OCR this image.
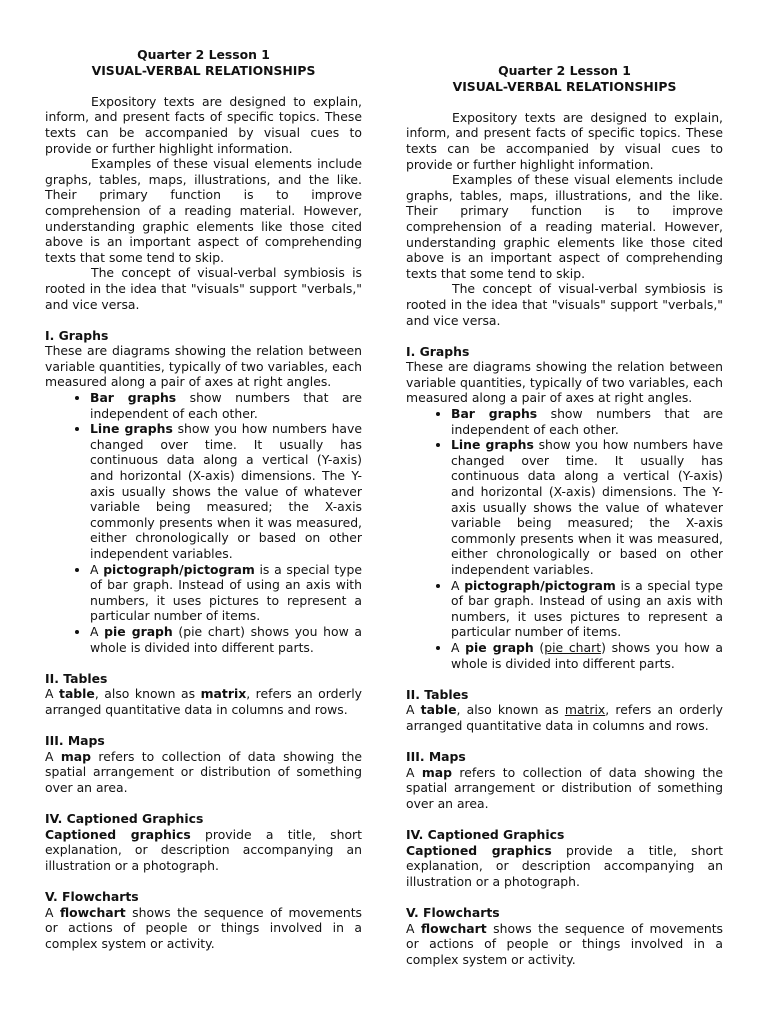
Quarter 2 Lesson 1
VISUAL-VERBAL RELATIONSHIPS

Expository texts are designed to explain, inform, and present facts of specific topics. These texts can be accompanied by visual cues to provide or further highlight information.

Examples of these visual elements include graphs, tables, maps, illustrations, and the like. Their primary function is to improve comprehension of a reading material. However, understanding graphic elements like those cited above is an important aspect of comprehending texts that some tend to skip.

The concept of visual-verbal symbiosis is rooted in the idea that "visuals" support "verbals," and vice versa.

I. Graphs

These are diagrams showing the relation between variable quantities, typically of two variables, each measured along a pair of axes at right angles.

• Bar graphs show numbers that are independent of each other.
• Line graphs show you how numbers have changed over time. It usually has continuous data along a vertical (Y-axis) and horizontal (X-axis) dimensions. The Y-axis usually shows the value of whatever variable being measured; the X-axis commonly presents when it was measured, either chronologically or based on other independent variables.
• A pictograph/pictogram is a special type of bar graph. Instead of using an axis with numbers, it uses pictures to represent a particular number of items.
• A pie graph (pie chart) shows you how a whole is divided into different parts.
II. Tables

A table, also known as matrix, refers an orderly arranged quantitative data in columns and rows.

III. Maps

A map refers to collection of data showing the spatial arrangement or distribution of something over an area.

IV. Captioned Graphics

Captioned graphics provide a title, short explanation, or description accompanying an illustration or a photograph.

V. Flowcharts

A flowchart shows the sequence of movements or actions of people or things involved in a complex system or activity.

Quarter 2 Lesson 1
VISUAL-VERBAL RELATIONSHIPS

Expository texts are designed to explain, inform, and present facts of specific topics. These texts can be accompanied by visual cues to provide or further highlight information.

Examples of these visual elements include graphs, tables, maps, illustrations, and the like. Their primary function is to improve comprehension of a reading material. However, understanding graphic elements like those cited above is an important aspect of comprehending texts that some tend to skip.

The concept of visual-verbal symbiosis is rooted in the idea that "visuals" support "verbals," and vice versa.

I. Graphs

These are diagrams showing the relation between variable quantities, typically of two variables, each measured along a pair of axes at right angles.

• Bar graphs show numbers that are independent of each other.
• Line graphs show you how numbers have changed over time. It usually has continuous data along a vertical (Y-axis) and horizontal (X-axis) dimensions. The Y-axis usually shows the value of whatever variable being measured; the X-axis commonly presents when it was measured, either chronologically or based on other independent variables.
• A pictograph/pictogram is a special type of bar graph. Instead of using an axis with numbers, it uses pictures to represent a particular number of items.
• A pie graph (pie chart) shows you how a whole is divided into different parts.
II. Tables

A table, also known as matrix, refers an orderly arranged quantitative data in columns and rows.

III. Maps

A map refers to collection of data showing the spatial arrangement or distribution of something over an area.

IV. Captioned Graphics

Captioned graphics provide a title, short explanation, or description accompanying an illustration or a photograph.

V. Flowcharts

A flowchart shows the sequence of movements or actions of people or things involved in a complex system or activity.
